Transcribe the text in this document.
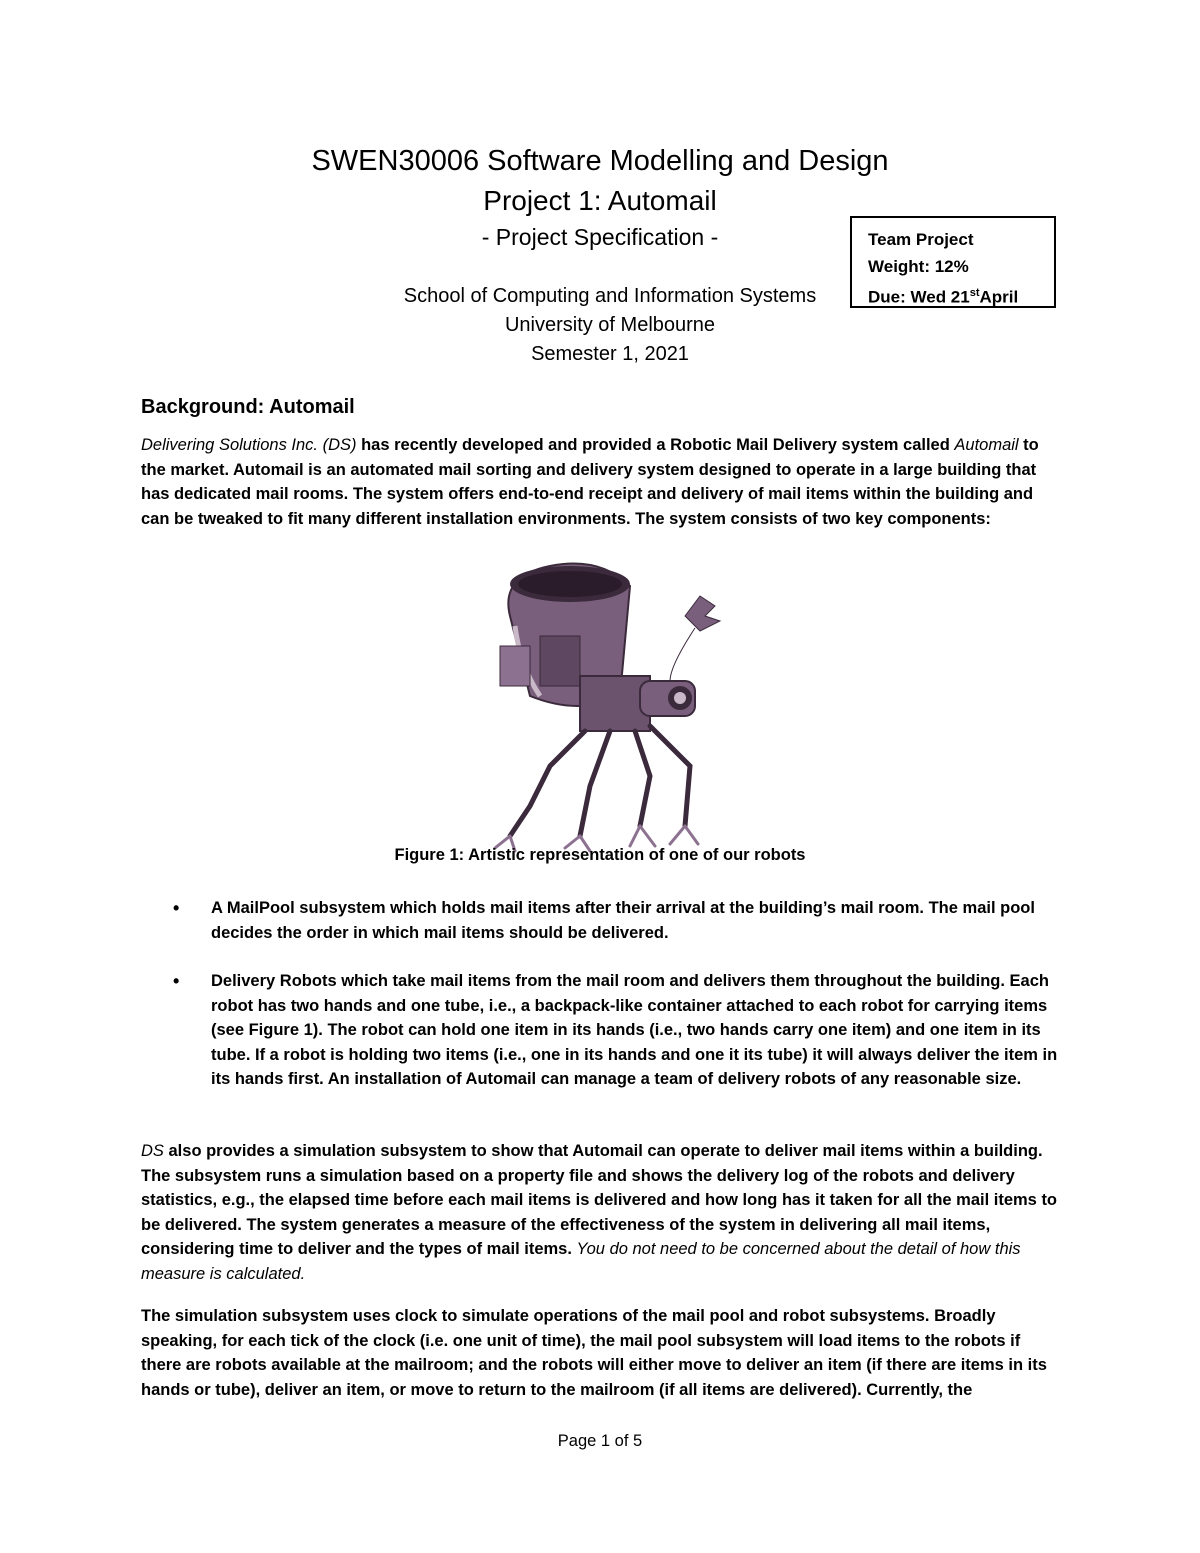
SWEN30006 Software Modelling and Design
Project 1: Automail
- Project Specification -
School of Computing and Information Systems
University of Melbourne
Semester 1, 2021
Team Project
Weight: 12%
Due: Wed 21stApril
Background: Automail

Delivering Solutions Inc. (DS) has recently developed and provided a Robotic Mail Delivery system called Automail to the market. Automail is an automated mail sorting and delivery system designed to operate in a large building that has dedicated mail rooms. The system offers end-to-end receipt and delivery of mail items within the building and can be tweaked to fit many different installation environments. The system consists of two key components:

Figure 1: Artistic representation of one of our robots
• A MailPool subsystem which holds mail items after their arrival at the building’s mail room. The mail pool decides the order in which mail items should be delivered.
• Delivery Robots which take mail items from the mail room and delivers them throughout the building. Each robot has two hands and one tube, i.e., a backpack-like container attached to each robot for carrying items (see Figure 1). The robot can hold one item in its hands (i.e., two hands carry one item) and one item in its tube. If a robot is holding two items (i.e., one in its hands and one it its tube) it will always deliver the item in its hands first. An installation of Automail can manage a team of delivery robots of any reasonable size.

DS also provides a simulation subsystem to show that Automail can operate to deliver mail items within a building. The subsystem runs a simulation based on a property file and shows the delivery log of the robots and delivery statistics, e.g., the elapsed time before each mail items is delivered and how long has it taken for all the mail items to be delivered. The system generates a measure of the effectiveness of the system in delivering all mail items, considering time to deliver and the types of mail items. You do not need to be concerned about the detail of how this measure is calculated.

The simulation subsystem uses clock to simulate operations of the mail pool and robot subsystems. Broadly speaking, for each tick of the clock (i.e. one unit of time), the mail pool subsystem will load items to the robots if there are robots available at the mailroom; and the robots will either move to deliver an item (if there are items in its hands or tube), deliver an item, or move to return to the mailroom (if all items are delivered). Currently, the

Page 1 of 5
